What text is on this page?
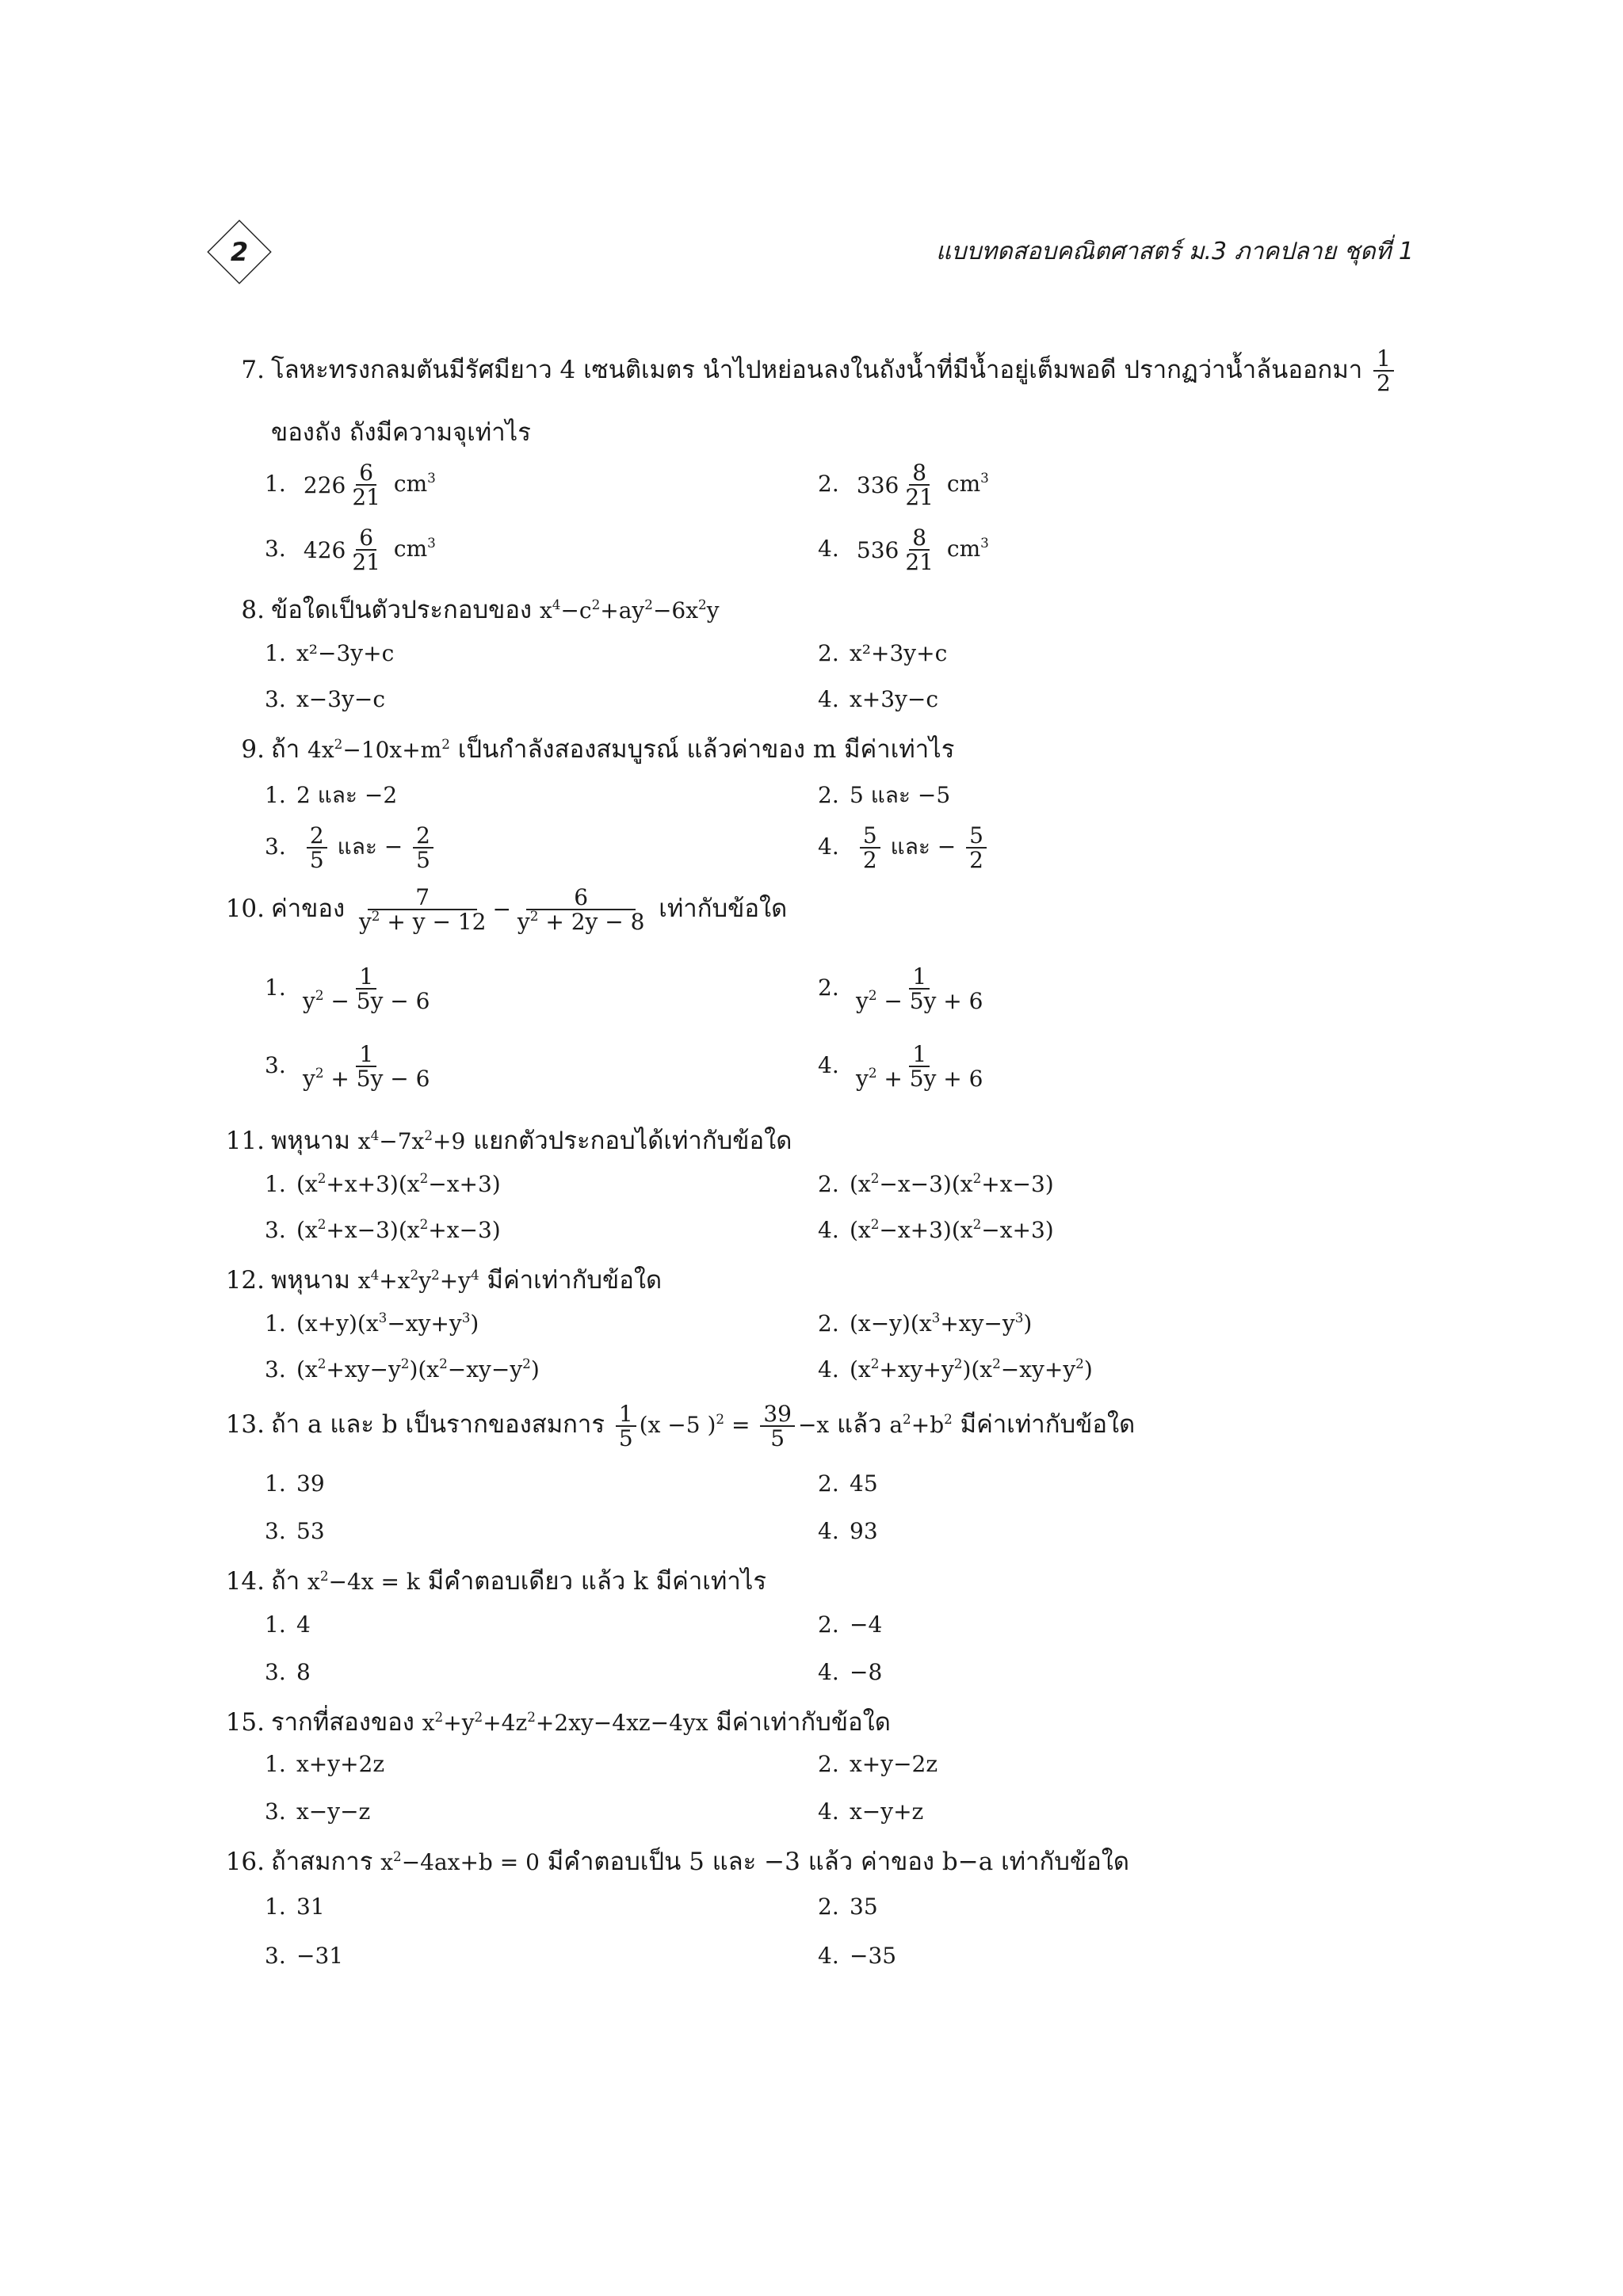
2	แบบทดสอบคณิตศาสตร์ ม.3 ภาคปลาย ชุดที่ 1
7. โลหะทรงกลมตันมีรัศมียาว 4 เซนติเมตร นำไปหย่อนลงในถังน้ำที่มีน้ำอยู่เต็มพอดี ปรากฏว่าน้ำล้นออกมา $\frac{1}{2}$
ของถัง ถังมีความจุเท่าไร
1. $226 \frac{6}{21} cm^3$	2. $336 \frac{8}{21} cm^3$
3. $426 \frac{6}{21} cm^3$	4. $536 \frac{8}{21} cm^3$
8. ข้อใดเป็นตัวประกอบของ $x^4-c^2+ay^2-6x^2y$
1. x²−3y+c	2. x²+3y+c
3. x−3y−c	4. x+3y−c
9. ถ้า $4x^2-10x+m^2$ เป็นกำลังสองสมบูรณ์ แล้วค่าของ m มีค่าเท่าไร
1. 2 และ −2	2. 5 และ −5
3. $\frac{2}{5}$ และ − $\frac{2}{5}$	4. $\frac{5}{2}$ และ − $\frac{5}{2}$
10. ค่าของ $\frac{7}{y^2 + y - 12} - \frac{6}{y^2 + 2y - 8}$ เท่ากับข้อใด
1. $\frac{1}{y^2 - 5y - 6}$	2. $\frac{1}{y^2 - 5y + 6}$
3. $\frac{1}{y^2 + 5y - 6}$	4. $\frac{1}{y^2 + 5y + 6}$
11. พหุนาม $x^4-7x^2+9$ แยกตัวประกอบได้เท่ากับข้อใด
1. $(x^2+x+3)(x^2-x+3)$	2. $(x^2-x-3)(x^2+x-3)$
3. $(x^2+x-3)(x^2+x-3)$	4. $(x^2-x+3)(x^2-x+3)$
12. พหุนาม $x^4+x^2y^2+y^4$ มีค่าเท่ากับข้อใด
1. $(x+y)(x^3-xy+y^3)$	2. $(x-y)(x^3+xy-y^3)$
3. $(x^2+xy-y^2)(x^2-xy-y^2)$	4. $(x^2+xy+y^2)(x^2-xy+y^2)$
13. ถ้า a และ b เป็นรากของสมการ $\frac{1}{5} (x -5$ )$^2 = \frac{39}{5} -x$ แล้ว $a^2+b^2$ มีค่าเท่ากับข้อใด
1. 39	2. 45
3. 53	4. 93
14. ถ้า $x^2-4x = k$ มีคำตอบเดียว แล้ว k มีค่าเท่าไร
1. 4	2. −4
3. 8	4. −8
15. รากที่สองของ $x^2+y^2+4z^2+2xy-4xz-4yx$ มีค่าเท่ากับข้อใด
1. x+y+2z	2. x+y−2z
3. x−y−z	4. x−y+z
16. ถ้าสมการ $x^2-4ax+b = 0$ มีคำตอบเป็น 5 และ −3 แล้ว ค่าของ b−a เท่ากับข้อใด
1. 31	2. 35
3. −31	4. −35
